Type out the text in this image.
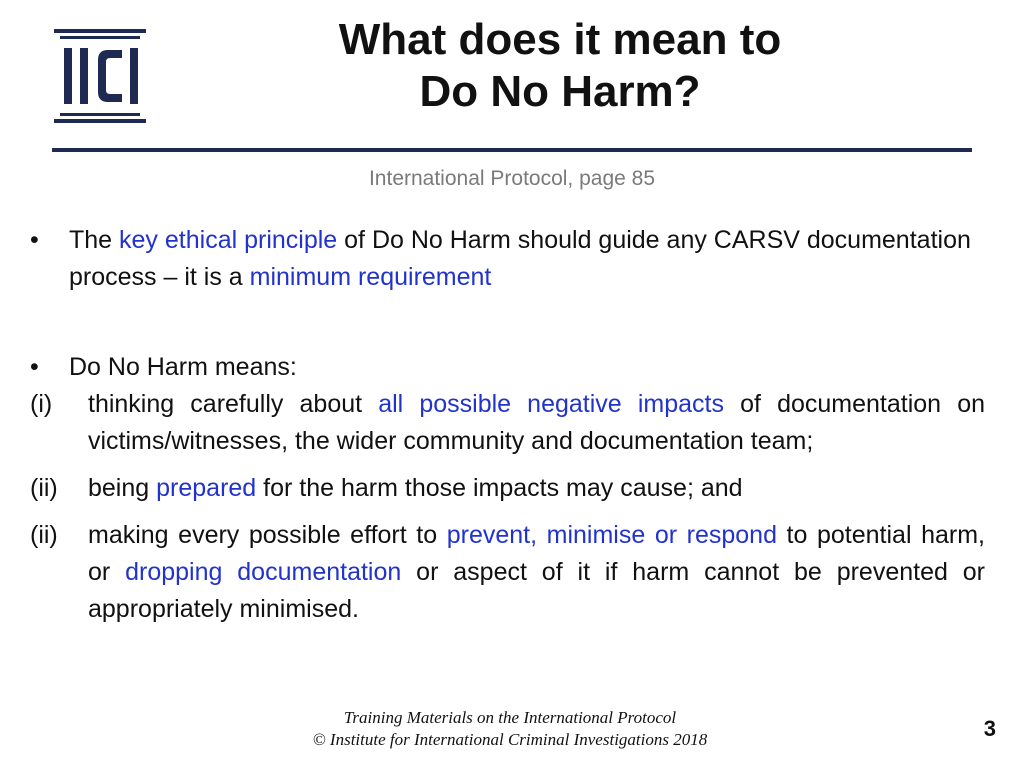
What does it mean to
Do No Harm?
International Protocol, page 85

• The key ethical principle of Do No Harm should guide any CARSV documentation process – it is a minimum requirement

• Do No Harm means:

(i) thinking carefully about all possible negative impacts of documentation on victims/witnesses, the wider community and documentation team;

(ii) being prepared for the harm those impacts may cause; and

(ii) making every possible effort to prevent, minimise or respond to potential harm, or dropping documentation or aspect of it if harm cannot be prevented or appropriately minimised.

Training Materials on the International Protocol
© Institute for International Criminal Investigations 2018	3
